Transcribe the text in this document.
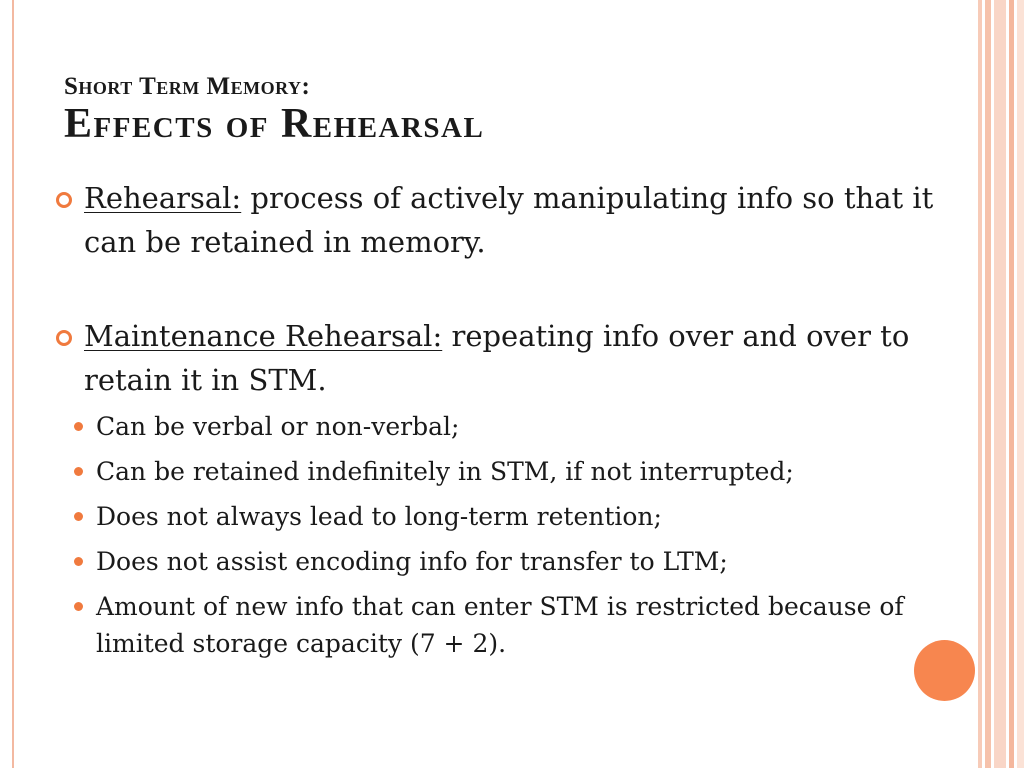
Short Term Memory:
Effects of Rehearsal
Rehearsal: process of actively manipulating info so that it can be retained in memory.
Maintenance Rehearsal: repeating info over and over to retain it in STM.
Can be verbal or non-verbal;
Can be retained indefinitely in STM, if not interrupted;
Does not always lead to long-term retention;
Does not assist encoding info for transfer to LTM;
Amount of new info that can enter STM is restricted because of limited storage capacity (7 + 2).
